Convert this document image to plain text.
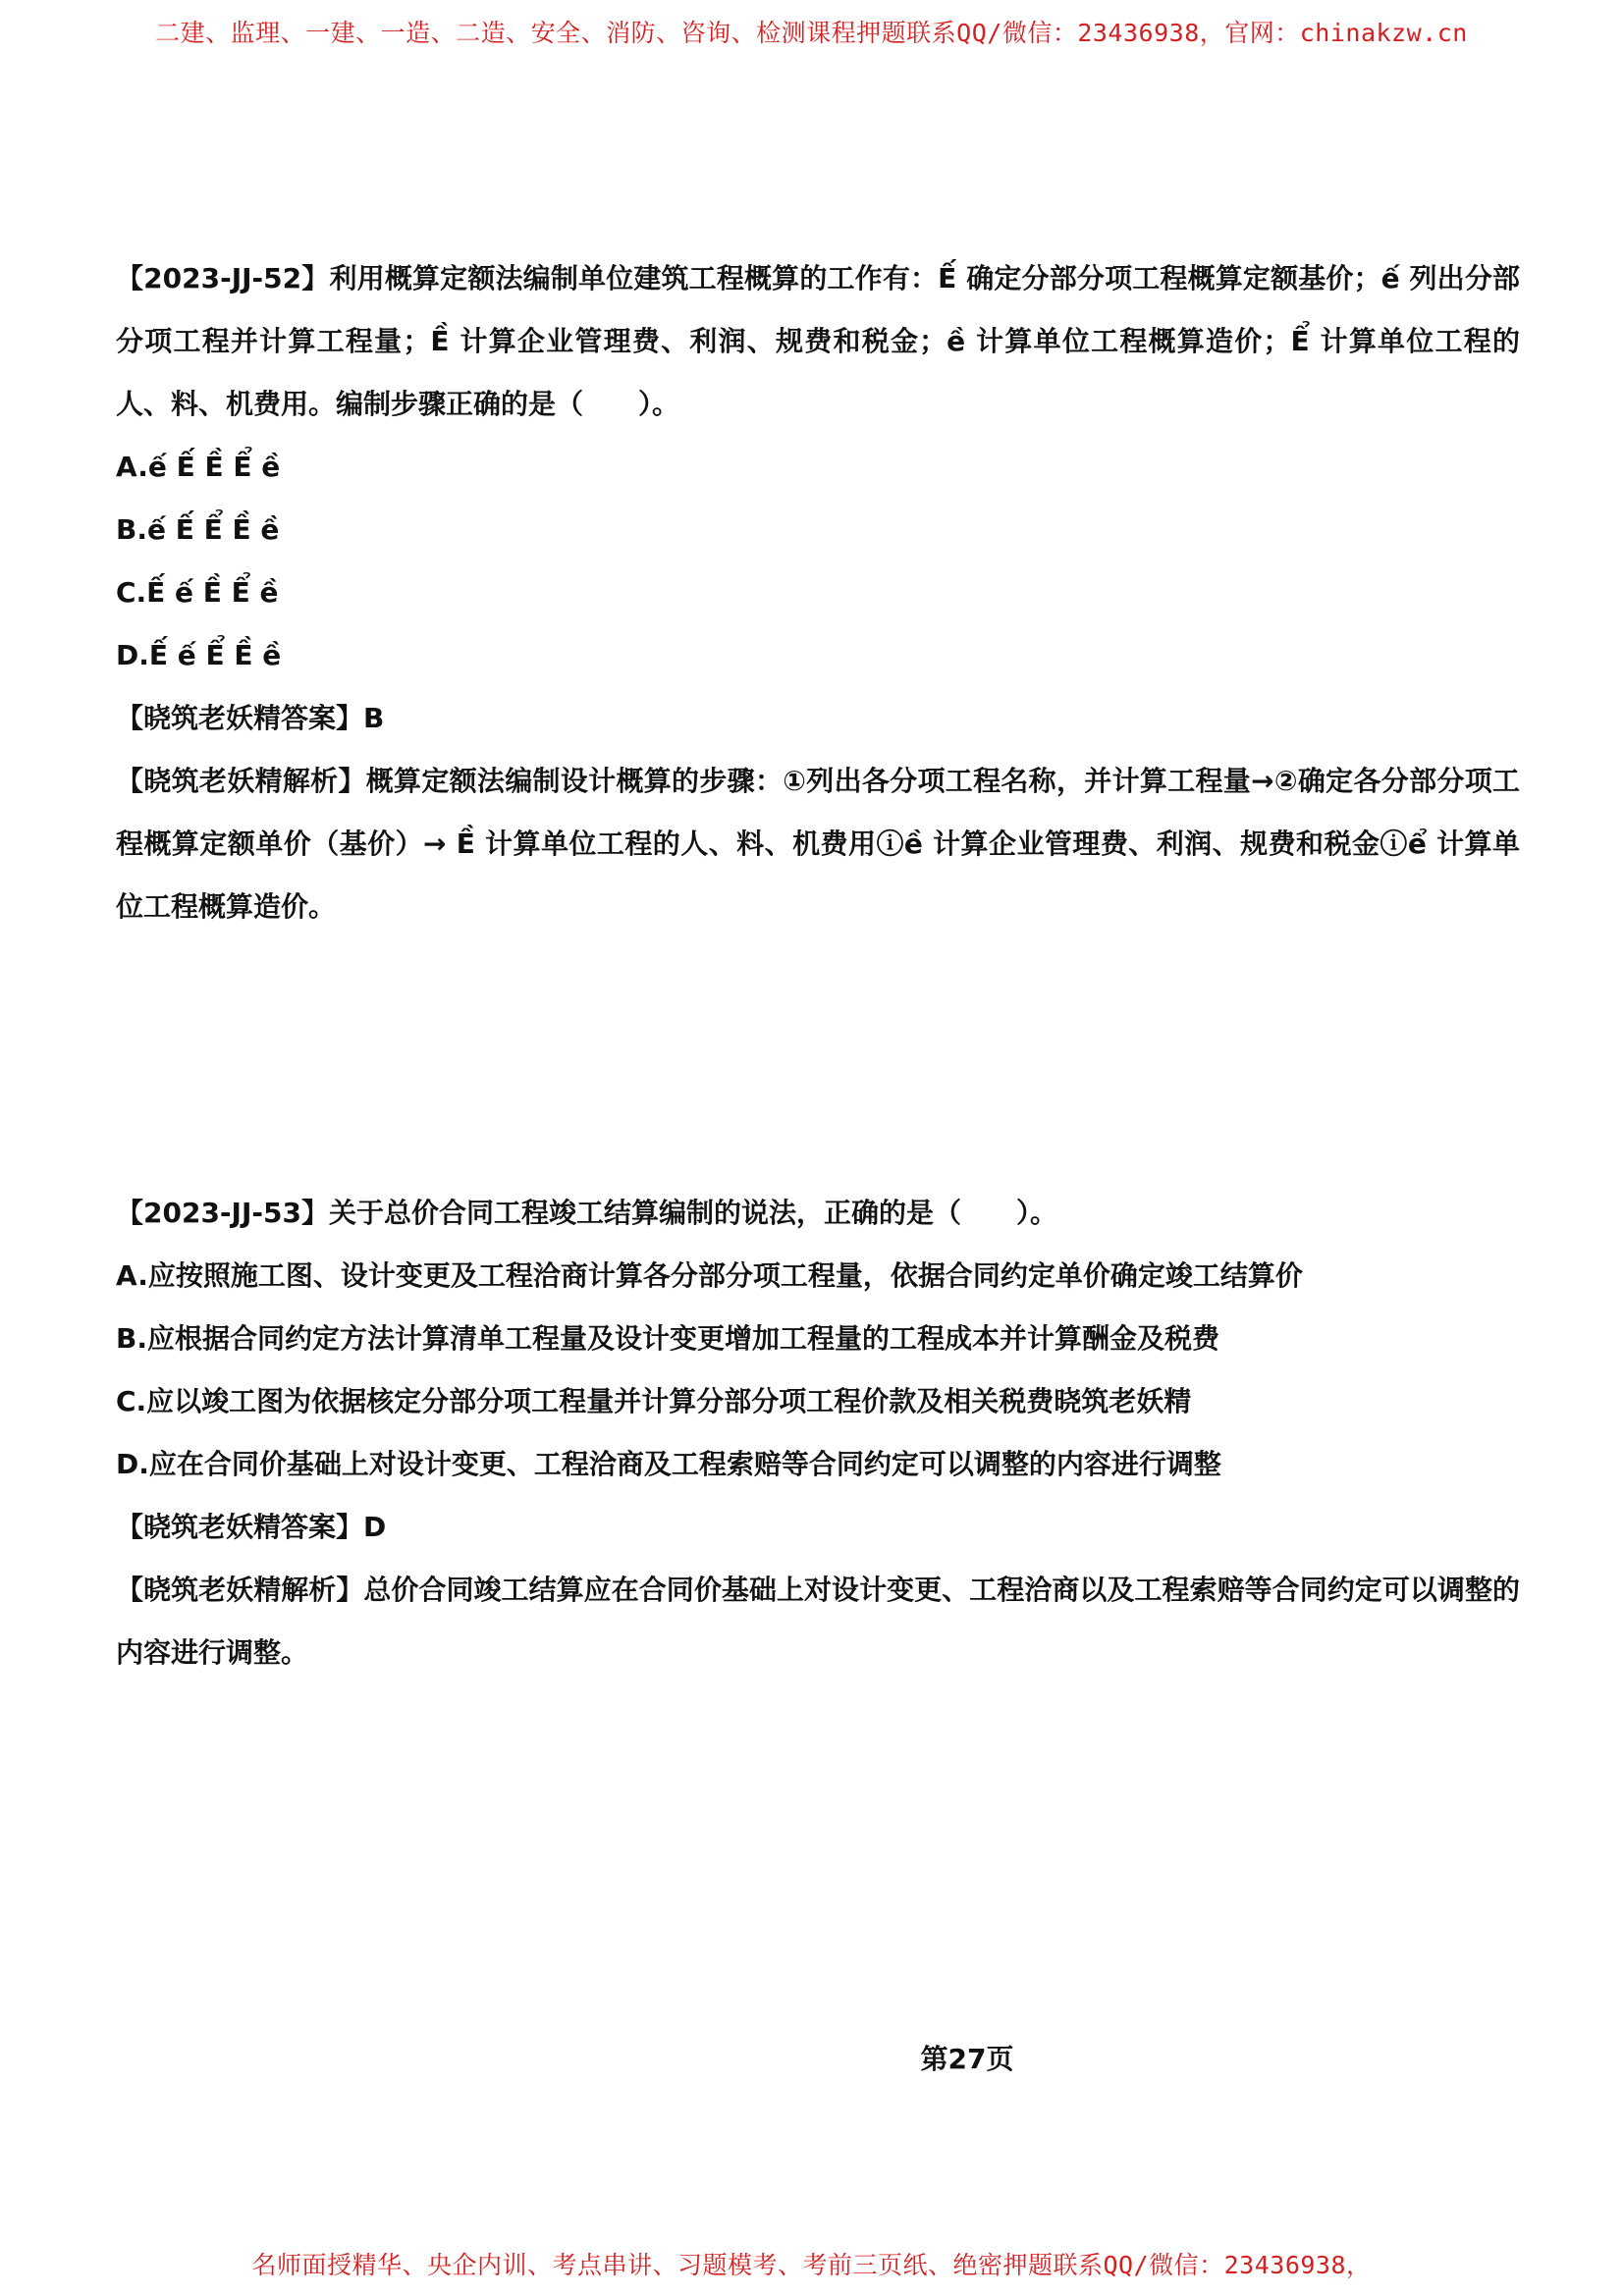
二建、监理、一建、一造、二造、安全、消防、咨询、检测课程押题联系QQ/微信：23436938，官网：chinakzw.cn
【2023-JJ-52】利用概算定额法编制单位建筑工程概算的工作有：Ế 确定分部分项工程概算定额基价；ế 列出分部分项工程并计算工程量；Ề 计算企业管理费、利润、规费和税金；ề 计算单位工程概算造价；Ể 计算单位工程的人、料、机费用。编制步骤正确的是（　　）。
A.ế Ế Ề Ể ề
B.ế Ế Ể Ề ề
C.Ế ế Ề Ể ề
D.Ế ế Ể Ề ề
【晓筑老妖精答案】B
【晓筑老妖精解析】概算定额法编制设计概算的步骤：①列出各分项工程名称，并计算工程量→②确定各分部分项工程概算定额单价（基价）→ Ề 计算单位工程的人、料、机费用ⓘề 计算企业管理费、利润、规费和税金ⓘể 计算单位工程概算造价。
【2023-JJ-53】关于总价合同工程竣工结算编制的说法，正确的是（　　）。
A.应按照施工图、设计变更及工程洽商计算各分部分项工程量，依据合同约定单价确定竣工结算价
B.应根据合同约定方法计算清单工程量及设计变更增加工程量的工程成本并计算酬金及税费
C.应以竣工图为依据核定分部分项工程量并计算分部分项工程价款及相关税费晓筑老妖精
D.应在合同价基础上对设计变更、工程洽商及工程索赔等合同约定可以调整的内容进行调整
【晓筑老妖精答案】D
【晓筑老妖精解析】总价合同竣工结算应在合同价基础上对设计变更、工程洽商以及工程索赔等合同约定可以调整的内容进行调整。
第27页
名师面授精华、央企内训、考点串讲、习题模考、考前三页纸、绝密押题联系QQ/微信：23436938，
